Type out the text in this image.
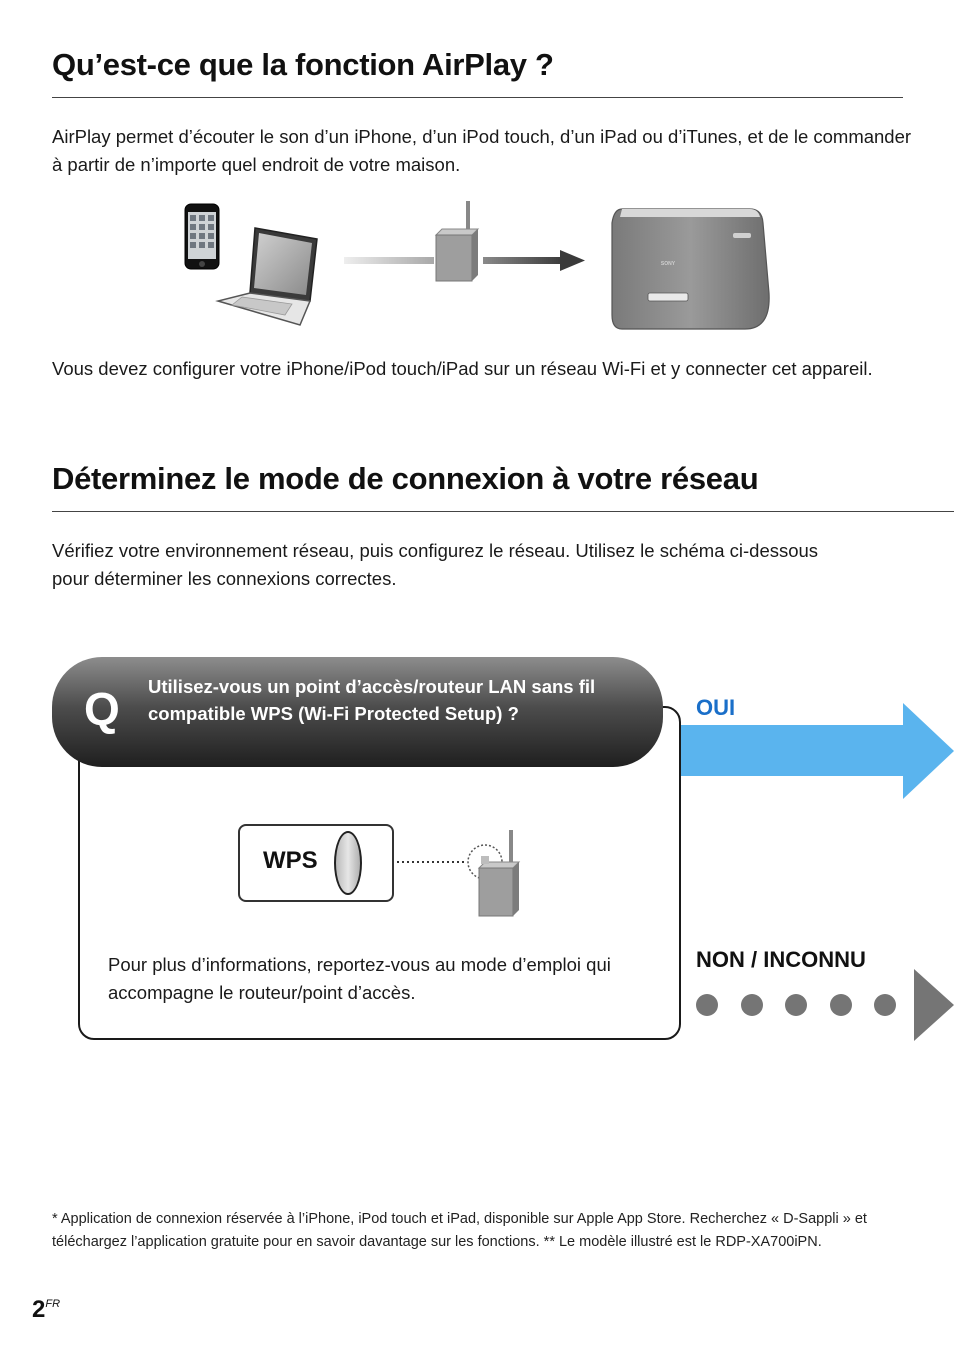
Qu’est-ce que la fonction AirPlay ?
AirPlay permet d’écouter le son d’un iPhone, d’un iPod touch, d’un iPad ou d’iTunes, et de le commander à partir de n’importe quel endroit de votre maison.
SONY
Vous devez configurer votre iPhone/iPod touch/iPad sur un réseau Wi-Fi et y connecter cet appareil.
Déterminez le mode de connexion à votre réseau
Vérifiez votre environnement réseau, puis configurez le réseau. Utilisez le schéma ci-dessous pour déterminer les connexions correctes.
Q Utilisez-vous un point d’accès/routeur LAN sans fil compatible WPS (Wi-Fi Protected Setup) ?
WPS
Pour plus d’informations, reportez-vous au mode d’emploi qui accompagne le routeur/point d’accès.
OUI
NON / INCONNU
* Application de connexion réservée à l’iPhone, iPod touch et iPad, disponible sur Apple App Store. Recherchez « D-Sappli » et téléchargez l’application gratuite pour en savoir davantage sur les fonctions. ** Le modèle illustré est le RDP-XA700iPN.
$2^{FR}$
